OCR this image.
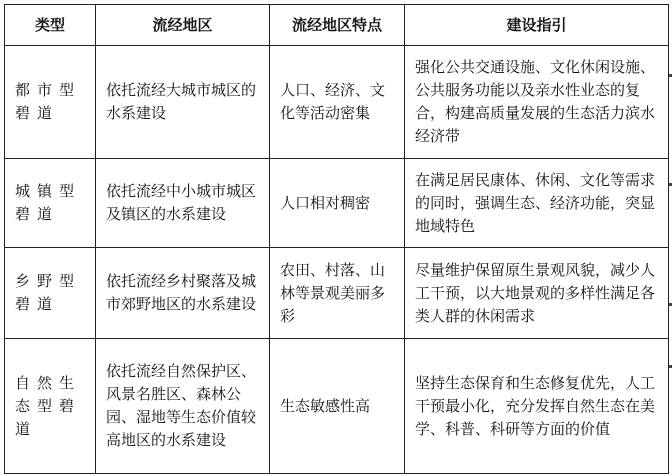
类型	流经地区	流经地区特点	建设指引
都市型碧道	依托流经大城市城区的水系建设	人口、经济、文化等活动密集	强化公共交通设施、文化休闲设施、公共服务功能以及亲水性业态的复合，构建高质量发展的生态活力滨水经济带
城镇型碧道	依托流经中小城市城区及镇区的水系建设	人口相对稠密	在满足居民康体、休闲、文化等需求的同时，强调生态、经济功能，突显地域特色
乡野型碧道	依托流经乡村聚落及城市郊野地区的水系建设	农田、村落、山林等景观美丽多彩	尽量维护保留原生景观风貌，减少人工干预，以大地景观的多样性满足各类人群的休闲需求
自然生态型碧道	依托流经自然保护区、风景名胜区、森林公园、湿地等生态价值较高地区的水系建设	生态敏感性高	坚持生态保育和生态修复优先，人工干预最小化，充分发挥自然生态在美学、科普、科研等方面的价值
